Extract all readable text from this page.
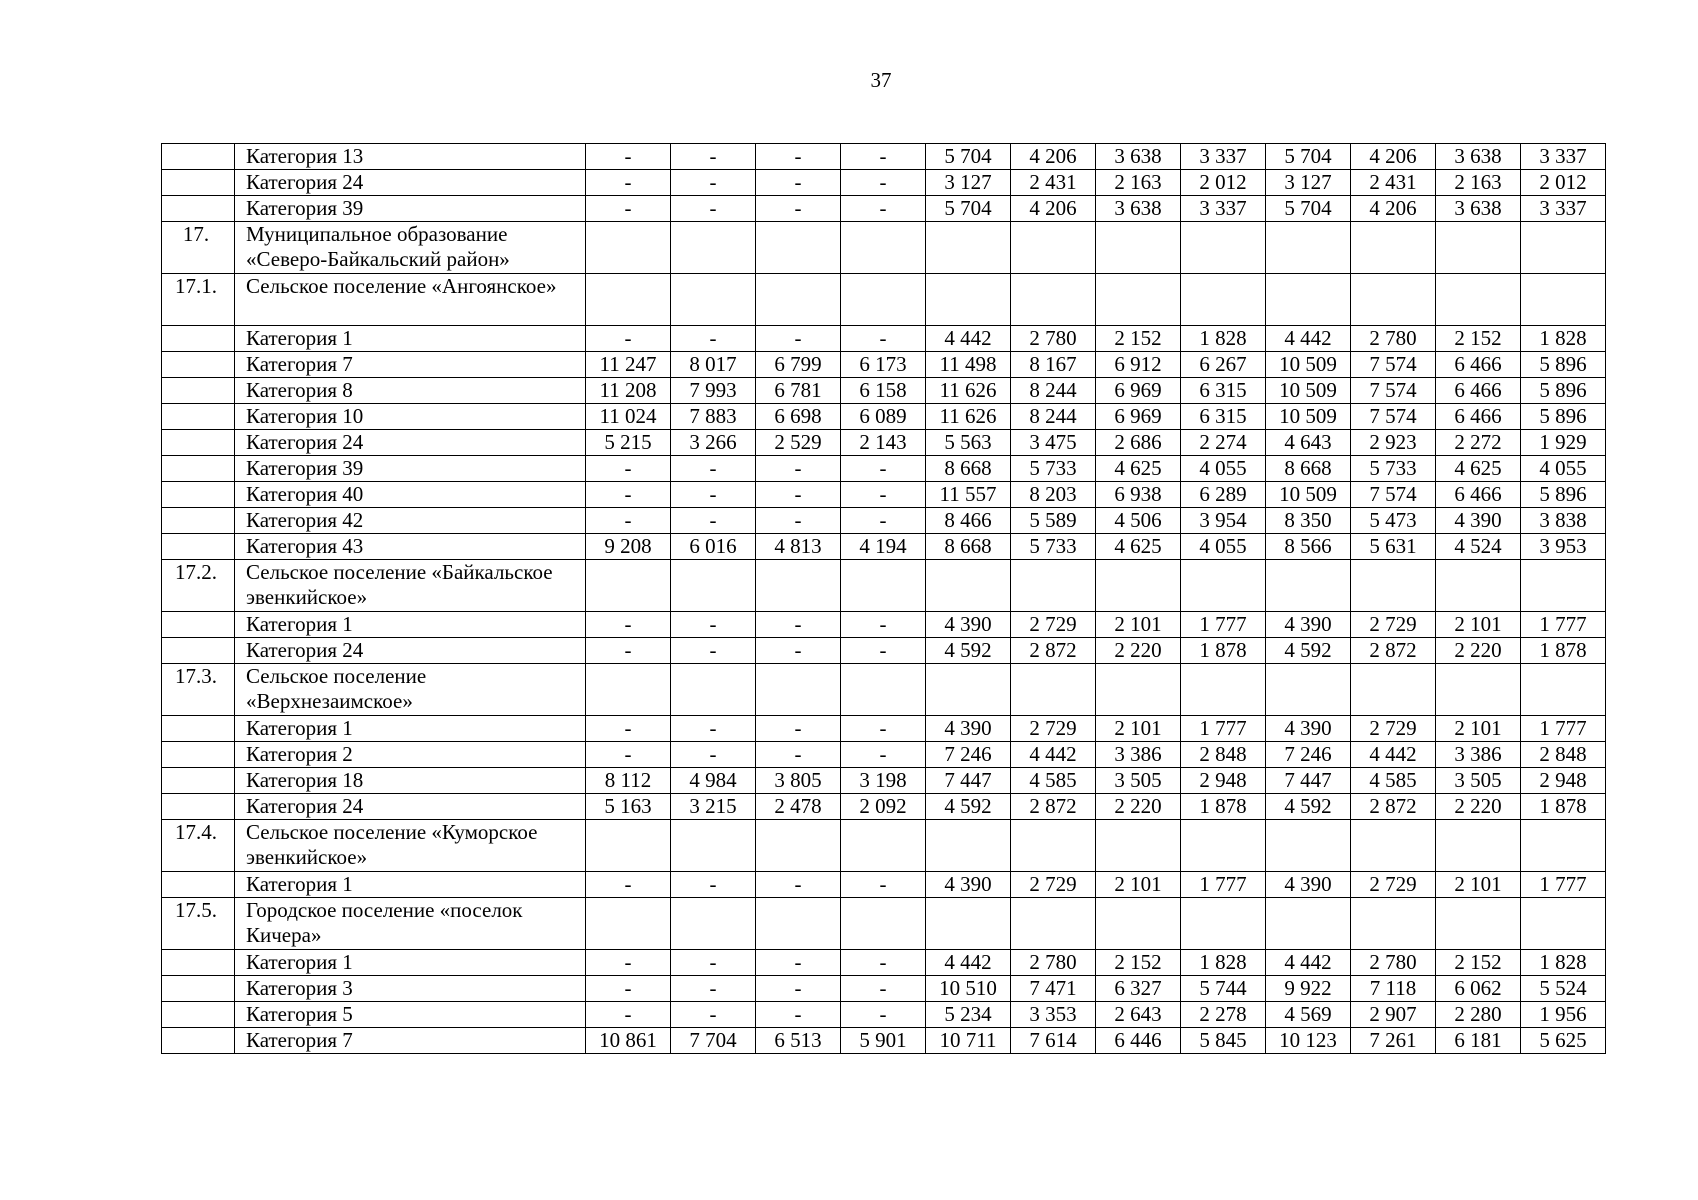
37
	Категория 13	-	-	-	-	5 704	4 206	3 638	3 337	5 704	4 206	3 638	3 337
	Категория 24	-	-	-	-	3 127	2 431	2 163	2 012	3 127	2 431	2 163	2 012
	Категория 39	-	-	-	-	5 704	4 206	3 638	3 337	5 704	4 206	3 638	3 337
17.	Муниципальное образование «Северо-Байкальский район»												
17.1.	Сельское поселение «Ангоянское»												
	Категория 1	-	-	-	-	4 442	2 780	2 152	1 828	4 442	2 780	2 152	1 828
	Категория 7	11 247	8 017	6 799	6 173	11 498	8 167	6 912	6 267	10 509	7 574	6 466	5 896
	Категория 8	11 208	7 993	6 781	6 158	11 626	8 244	6 969	6 315	10 509	7 574	6 466	5 896
	Категория 10	11 024	7 883	6 698	6 089	11 626	8 244	6 969	6 315	10 509	7 574	6 466	5 896
	Категория 24	5 215	3 266	2 529	2 143	5 563	3 475	2 686	2 274	4 643	2 923	2 272	1 929
	Категория 39	-	-	-	-	8 668	5 733	4 625	4 055	8 668	5 733	4 625	4 055
	Категория 40	-	-	-	-	11 557	8 203	6 938	6 289	10 509	7 574	6 466	5 896
	Категория 42	-	-	-	-	8 466	5 589	4 506	3 954	8 350	5 473	4 390	3 838
	Категория 43	9 208	6 016	4 813	4 194	8 668	5 733	4 625	4 055	8 566	5 631	4 524	3 953
17.2.	Сельское поселение «Байкальское эвенкийское»												
	Категория 1	-	-	-	-	4 390	2 729	2 101	1 777	4 390	2 729	2 101	1 777
	Категория 24	-	-	-	-	4 592	2 872	2 220	1 878	4 592	2 872	2 220	1 878
17.3.	Сельское поселение «Верхнезаимское»												
	Категория 1	-	-	-	-	4 390	2 729	2 101	1 777	4 390	2 729	2 101	1 777
	Категория 2	-	-	-	-	7 246	4 442	3 386	2 848	7 246	4 442	3 386	2 848
	Категория 18	8 112	4 984	3 805	3 198	7 447	4 585	3 505	2 948	7 447	4 585	3 505	2 948
	Категория 24	5 163	3 215	2 478	2 092	4 592	2 872	2 220	1 878	4 592	2 872	2 220	1 878
17.4.	Сельское поселение «Куморское эвенкийское»												
	Категория 1	-	-	-	-	4 390	2 729	2 101	1 777	4 390	2 729	2 101	1 777
17.5.	Городское поселение «поселок Кичера»												
	Категория 1	-	-	-	-	4 442	2 780	2 152	1 828	4 442	2 780	2 152	1 828
	Категория 3	-	-	-	-	10 510	7 471	6 327	5 744	9 922	7 118	6 062	5 524
	Категория 5	-	-	-	-	5 234	3 353	2 643	2 278	4 569	2 907	2 280	1 956
	Категория 7	10 861	7 704	6 513	5 901	10 711	7 614	6 446	5 845	10 123	7 261	6 181	5 625
